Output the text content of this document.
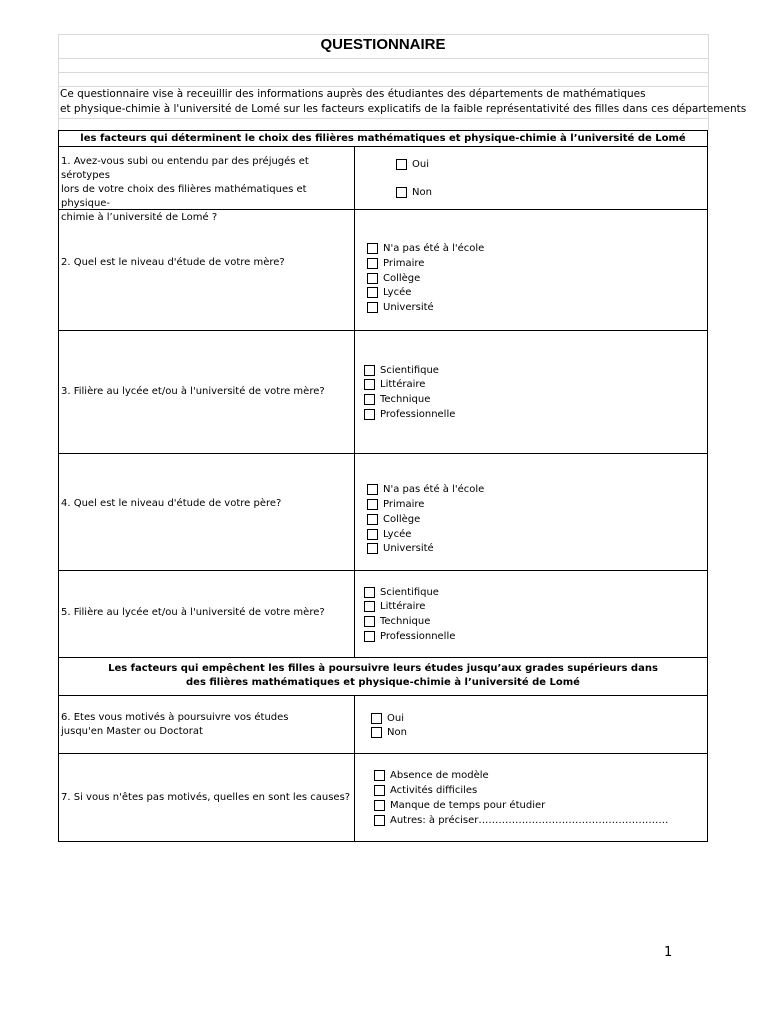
QUESTIONNAIRE
Ce questionnaire vise à receuillir des informations auprès des étudiantes des départements de mathématiques
et physique-chimie à l'université de Lomé sur les facteurs explicatifs de la faible représentativité des filles dans ces départements
les facteurs qui déterminent le choix des filières mathématiques et physique-chimie à l’université de Lomé
1. Avez-vous subi ou entendu par des préjugés et sérotypes
lors de votre choix des filières mathématiques et physique-
chimie à l’université de Lomé ?
Oui
Non
2. Quel est le niveau d'étude de votre mère?
N'a pas été à l'école
Primaire
Collège
Lycée
Université
3. Filière au lycée et/ou à l'université de votre mère?
Scientifique
Littéraire
Technique
Professionnelle
4. Quel est le niveau d'étude de votre père?
N'a pas été à l'école
Primaire
Collège
Lycée
Université
5. Filière au lycée et/ou à l'université de votre mère?
Scientifique
Littéraire
Technique
Professionnelle
Les facteurs qui empêchent les filles à poursuivre leurs études jusqu’aux grades supérieurs dans
des filières mathématiques et physique-chimie à l’université de Lomé
6. Etes vous motivés à poursuivre vos études
jusqu'en Master ou Doctorat
Oui
Non
7. Si vous n'êtes pas motivés, quelles en sont les causes?
Absence de modèle
Activités difficiles
Manque de temps pour étudier
Autres: à préciser…………………………………………………
1
